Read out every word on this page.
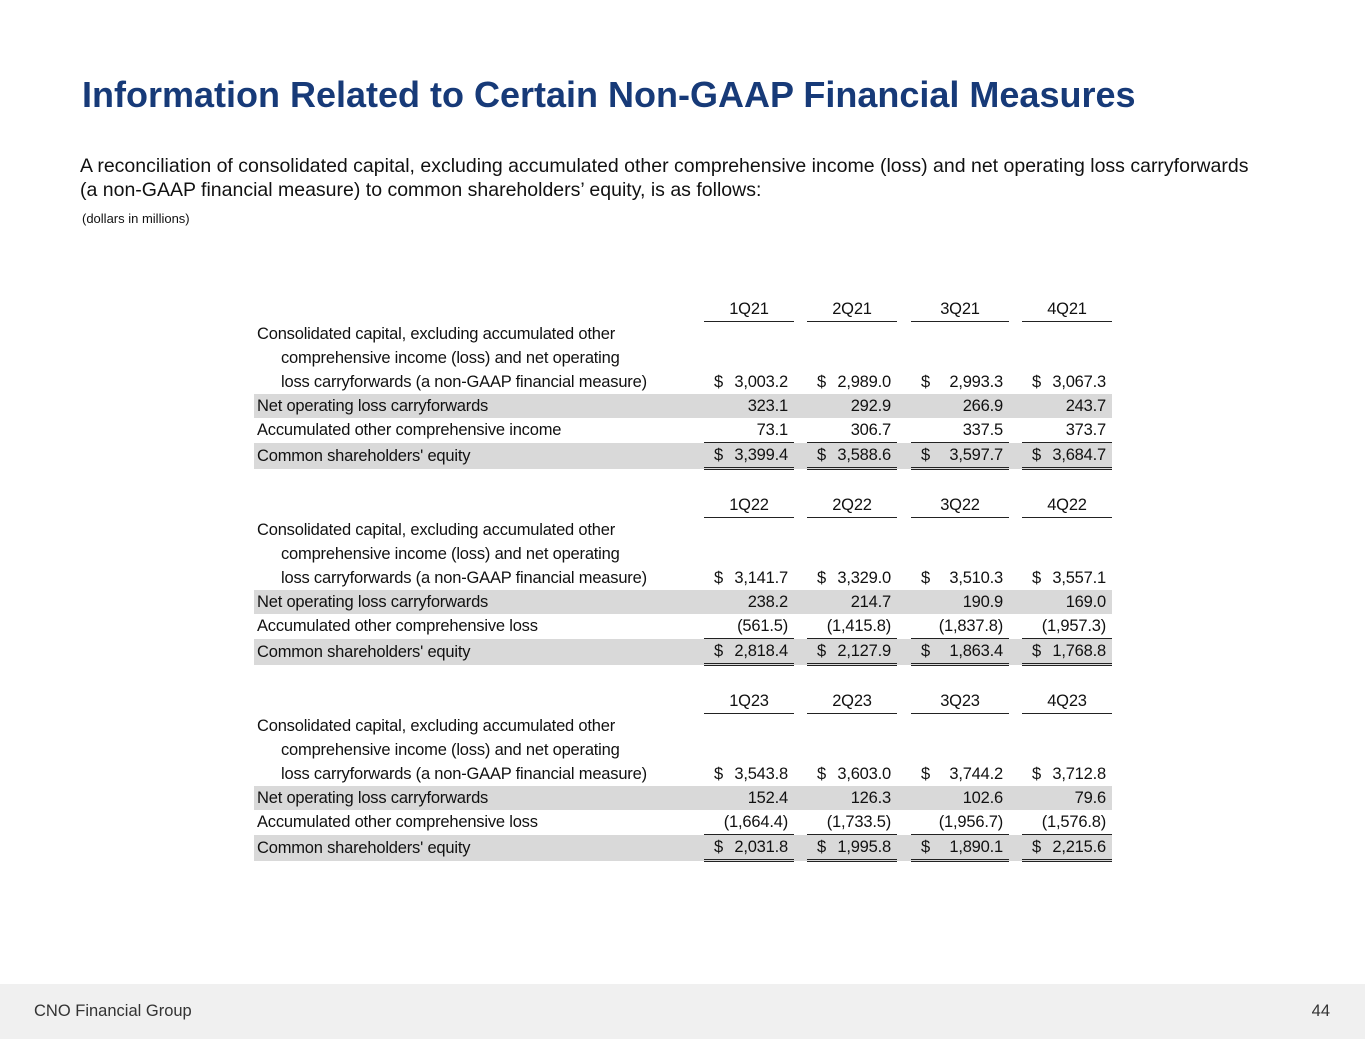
Information Related to Certain Non-GAAP Financial Measures
A reconciliation of consolidated capital, excluding accumulated other comprehensive income (loss) and net operating loss carryforwards (a non-GAAP financial measure) to common shareholders’ equity, is as follows:
(dollars in millions)
	1Q21		2Q21		3Q21		4Q21
Consolidated capital, excluding accumulated other							
comprehensive income (loss) and net operating							
loss carryforwards (a non-GAAP financial measure)	$ 3,003.2		$ 2,989.0		$ 2,993.3		$ 3,067.3

Net operating loss carryforwards	323.1		292.9		266.9		243.7

Accumulated other comprehensive income	73.1		306.7		337.5		373.7

Common shareholders' equity	$ 3,399.4		$ 3,588.6		$ 3,597.7		$ 3,684.7

	1Q22		2Q22		3Q22		4Q22
Consolidated capital, excluding accumulated other							
comprehensive income (loss) and net operating							
loss carryforwards (a non-GAAP financial measure)	$ 3,141.7		$ 3,329.0		$ 3,510.3		$ 3,557.1

Net operating loss carryforwards	238.2		214.7		190.9		169.0

Accumulated other comprehensive loss	(561.5)		(1,415.8)		(1,837.8)		(1,957.3)

Common shareholders' equity	$ 2,818.4		$ 2,127.9		$ 1,863.4		$ 1,768.8

	1Q23		2Q23		3Q23		4Q23
Consolidated capital, excluding accumulated other							
comprehensive income (loss) and net operating							
loss carryforwards (a non-GAAP financial measure)	$ 3,543.8		$ 3,603.0		$ 3,744.2		$ 3,712.8

Net operating loss carryforwards	152.4		126.3		102.6		79.6

Accumulated other comprehensive loss	(1,664.4)		(1,733.5)		(1,956.7)		(1,576.8)

Common shareholders' equity	$ 2,031.8		$ 1,995.8		$ 1,890.1		$ 2,215.6
CNO Financial Group	44
